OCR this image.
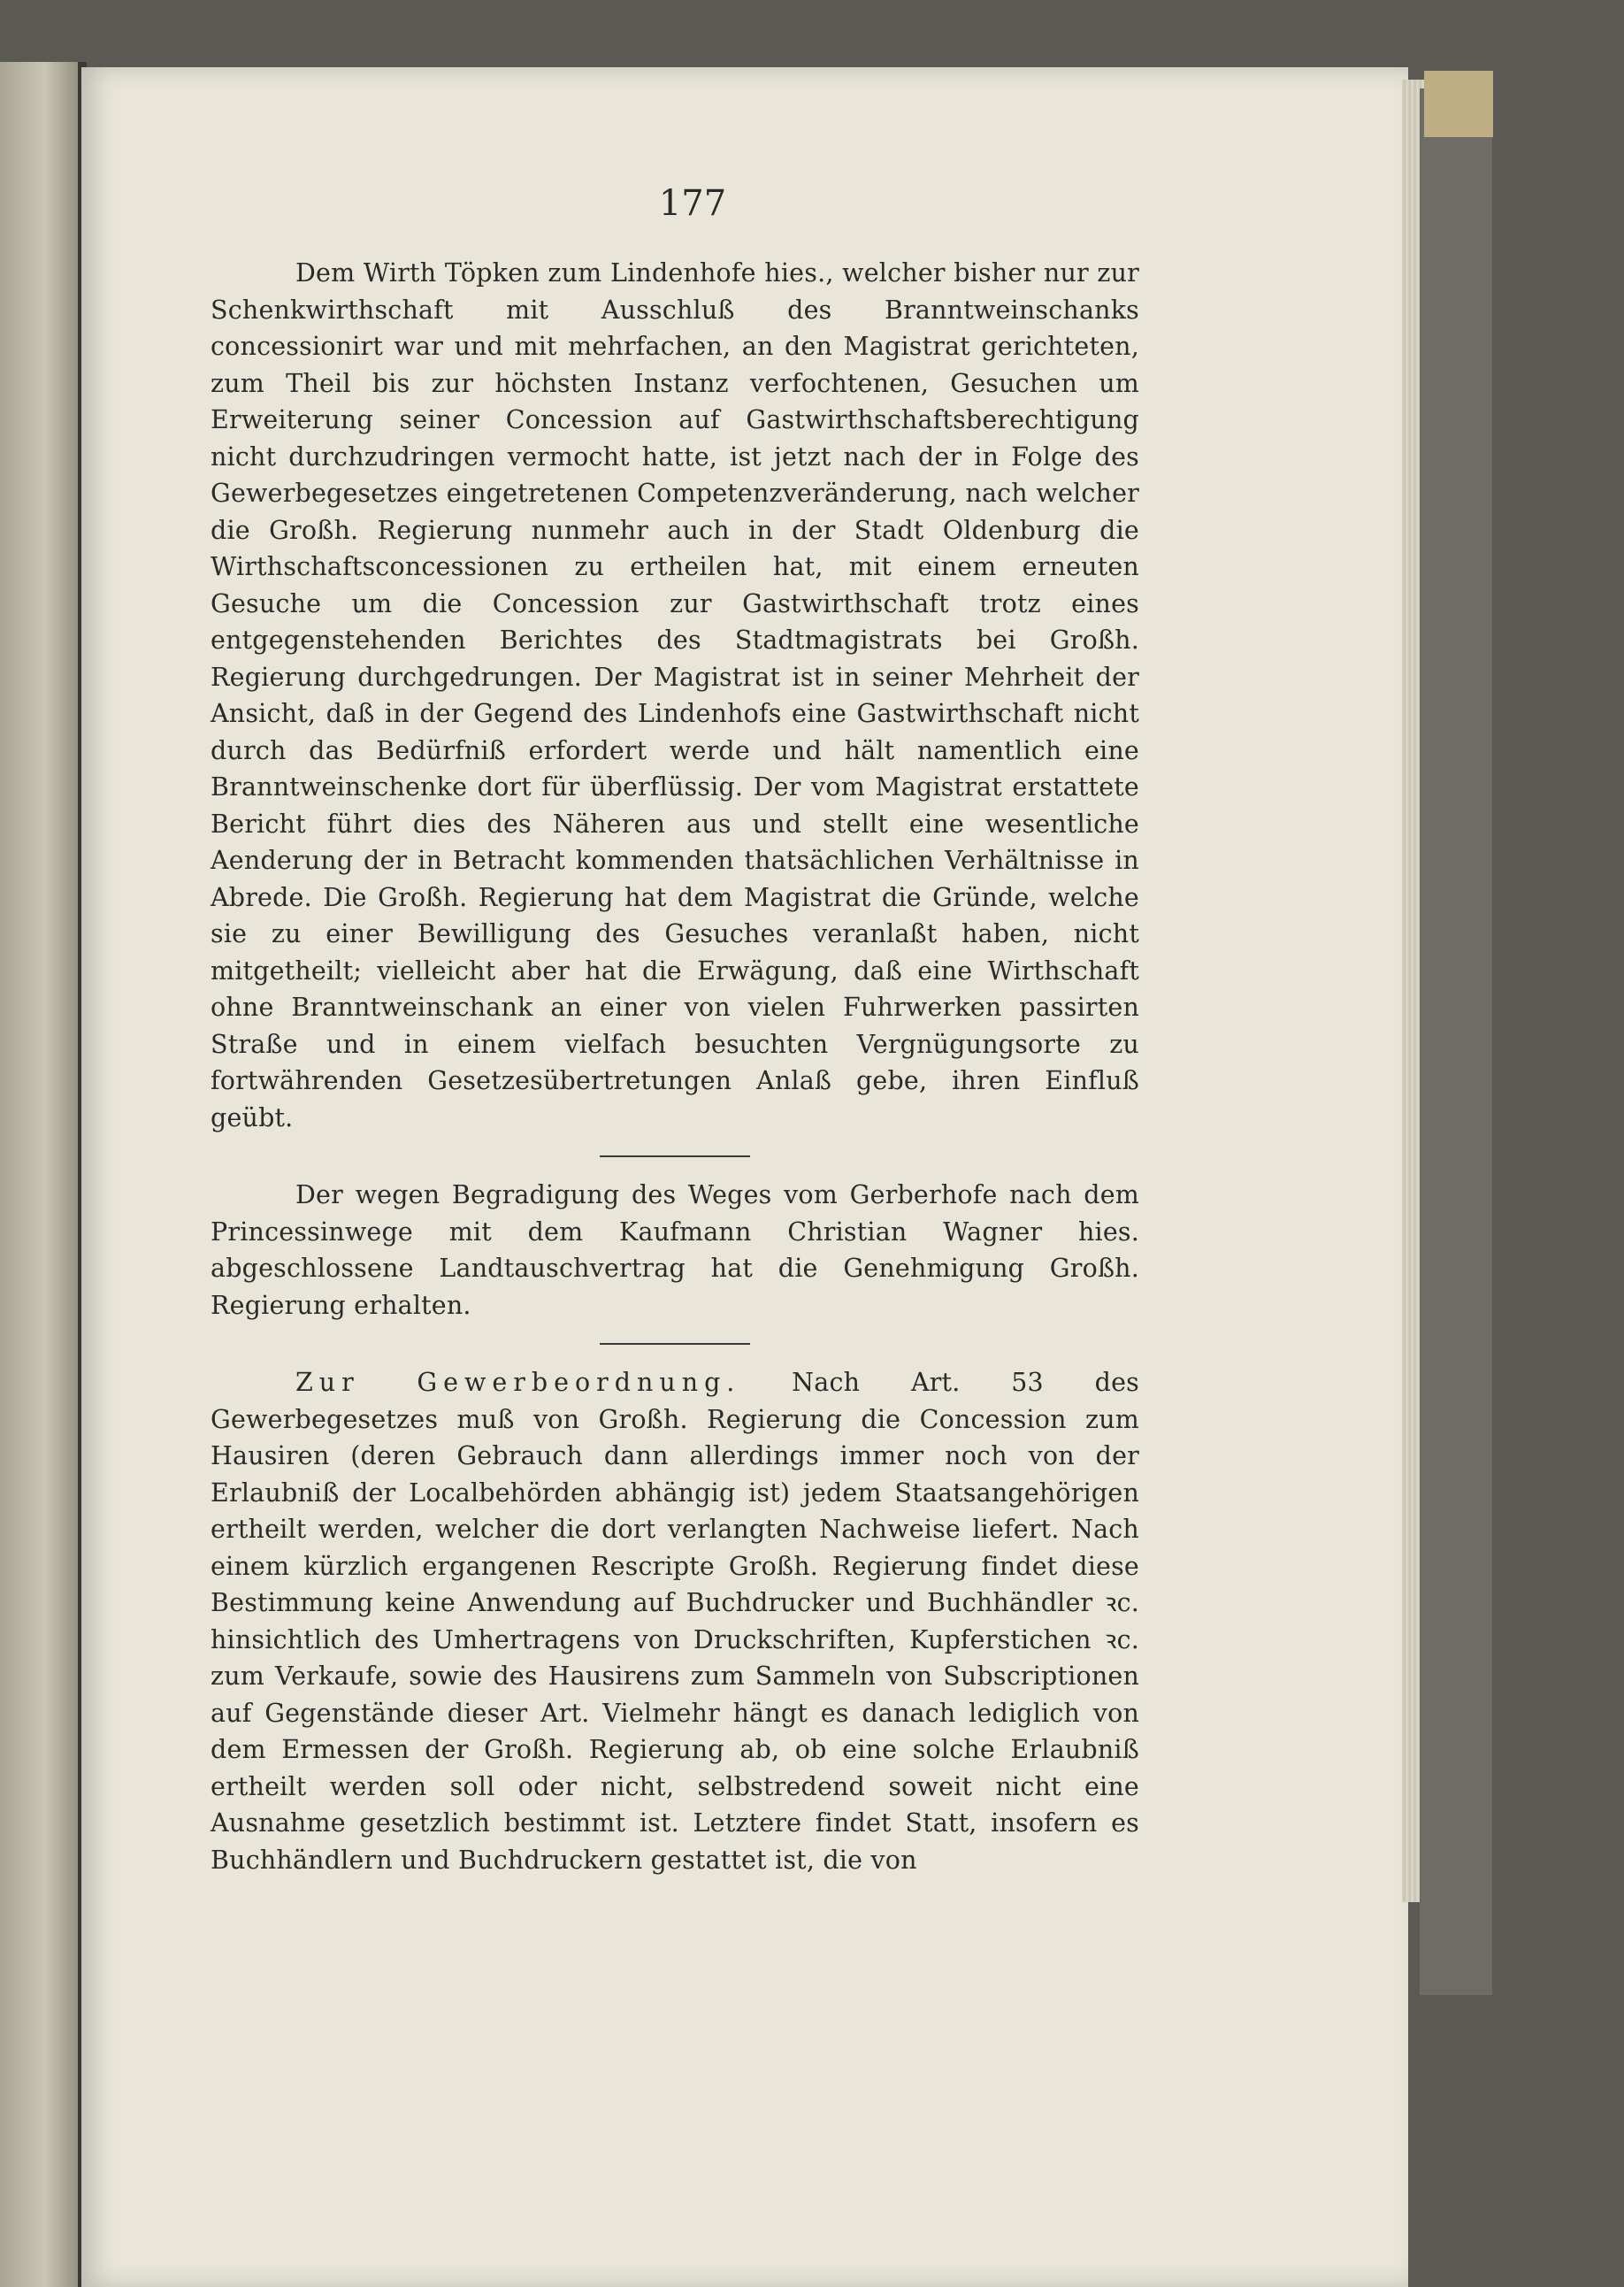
177

Dem Wirth Töpken zum Lindenhofe hies., welcher bisher nur zur Schenkwirthschaft mit Ausschluß des Branntweinschanks concessionirt war und mit mehrfachen, an den Magistrat gerichteten, zum Theil bis zur höchsten Instanz verfochtenen, Gesuchen um Erweiterung seiner Concession auf Gastwirthschaftsberechtigung nicht durchzudringen vermocht hatte, ist jetzt nach der in Folge des Gewerbegesetzes eingetretenen Competenzveränderung, nach welcher die Großh. Regierung nunmehr auch in der Stadt Oldenburg die Wirthschaftsconcessionen zu ertheilen hat, mit einem erneuten Gesuche um die Concession zur Gastwirthschaft trotz eines entgegenstehenden Berichtes des Stadtmagistrats bei Großh. Regierung durchgedrungen. Der Magistrat ist in seiner Mehrheit der Ansicht, daß in der Gegend des Lindenhofs eine Gastwirthschaft nicht durch das Bedürfniß erfordert werde und hält namentlich eine Branntweinschenke dort für überflüssig. Der vom Magistrat erstattete Bericht führt dies des Näheren aus und stellt eine wesentliche Aenderung der in Betracht kommenden thatsächlichen Verhältnisse in Abrede. Die Großh. Regierung hat dem Magistrat die Gründe, welche sie zu einer Bewilligung des Gesuches veranlaßt haben, nicht mitgetheilt; vielleicht aber hat die Erwägung, daß eine Wirthschaft ohne Branntweinschank an einer von vielen Fuhrwerken passirten Straße und in einem vielfach besuchten Vergnügungsorte zu fortwährenden Gesetzesübertretungen Anlaß gebe, ihren Einfluß geübt.

Der wegen Begradigung des Weges vom Gerberhofe nach dem Princessinwege mit dem Kaufmann Christian Wagner hies. abgeschlossene Landtauschvertrag hat die Genehmigung Großh. Regierung erhalten.

Zur Gewerbeordnung. Nach Art. 53 des Gewerbegesetzes muß von Großh. Regierung die Concession zum Hausiren (deren Gebrauch dann allerdings immer noch von der Erlaubniß der Localbehörden abhängig ist) jedem Staatsangehörigen ertheilt werden, welcher die dort verlangten Nachweise liefert. Nach einem kürzlich ergangenen Rescripte Großh. Regierung findet diese Bestimmung keine Anwendung auf Buchdrucker und Buchhändler ꝛc. hinsichtlich des Umhertragens von Druckschriften, Kupferstichen ꝛc. zum Verkaufe, sowie des Hausirens zum Sammeln von Subscriptionen auf Gegenstände dieser Art. Vielmehr hängt es danach lediglich von dem Ermessen der Großh. Regierung ab, ob eine solche Erlaubniß ertheilt werden soll oder nicht, selbstredend soweit nicht eine Ausnahme gesetzlich bestimmt ist. Letztere findet Statt, insofern es Buchhändlern und Buchdruckern gestattet ist, die von
